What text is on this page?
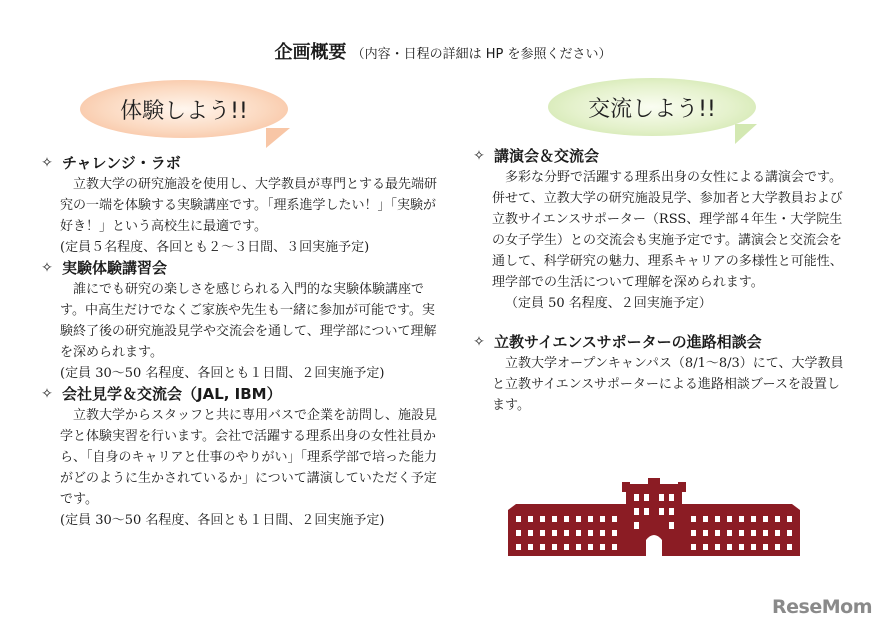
企画概要 （内容・日程の詳細は HP を参照ください）
体験しよう!!	交流しよう!!
✧ チャレンジ・ラボ
立教大学の研究施設を使用し、大学教員が専門とする最先端研究の一端を体験する実験講座です。「理系進学したい！」「実験が好き！」という高校生に最適です。
(定員５名程度、各回とも２〜３日間、３回実施予定)
✧ 実験体験講習会
誰にでも研究の楽しさを感じられる入門的な実験体験講座です。中高生だけでなくご家族や先生も一緒に参加が可能です。実験終了後の研究施設見学や交流会を通して、理学部について理解を深められます。
(定員 30〜50 名程度、各回とも１日間、２回実施予定)
✧ 会社見学＆交流会（JAL, IBM）
立教大学からスタッフと共に専用バスで企業を訪問し、施設見学と体験実習を行います。会社で活躍する理系出身の女性社員から、「自身のキャリアと仕事のやりがい」「理系学部で培った能力がどのように生かされているか」について講演していただく予定です。
(定員 30〜50 名程度、各回とも１日間、２回実施予定)
✧ 講演会＆交流会
多彩な分野で活躍する理系出身の女性による講演会です。併せて、立教大学の研究施設見学、参加者と大学教員および立教サイエンスサポーター（RSS、理学部４年生・大学院生の女子学生）との交流会も実施予定です。講演会と交流会を通して、科学研究の魅力、理系キャリアの多様性と可能性、理学部での生活について理解を深められます。
（定員 50 名程度、２回実施予定）
✧ 立教サイエンスサポーターの進路相談会
立教大学オープンキャンパス（8/1〜8/3）にて、大学教員と立教サイエンスサポーターによる進路相談ブースを設置します。
ReseMom
